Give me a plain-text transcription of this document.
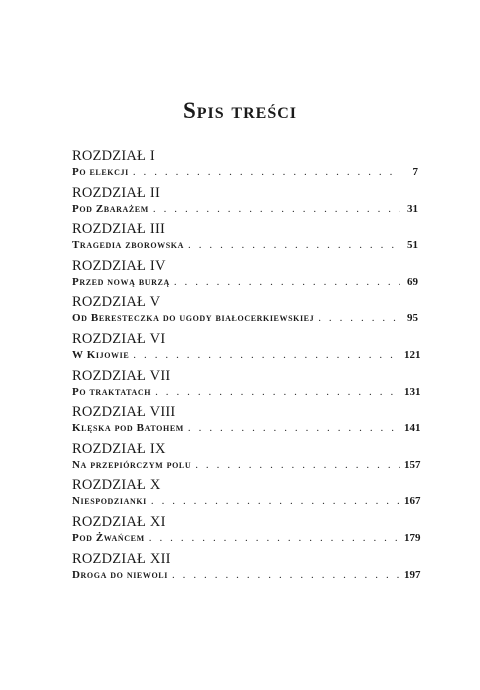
Spis treści
ROZDZIAŁ I
Po elekcji . . .	7
ROZDZIAŁ II
Pod Zbarażem . . .	31
ROZDZIAŁ III
Tragedia zborowska . . .	51
ROZDZIAŁ IV
Przed nową burzą . . .	69
ROZDZIAŁ V
Od Beresteczka do ugody białocerkiewskiej . . .	95
ROZDZIAŁ VI
W Kijowie . . .	121
ROZDZIAŁ VII
Po traktatach . . .	131
ROZDZIAŁ VIII
Klęska pod Batohem . . .	141
ROZDZIAŁ IX
Na przepiórczym polu . . .	157
ROZDZIAŁ X
Niespodzianki . . .	167
ROZDZIAŁ XI
Pod Żwańcem . . .	179
ROZDZIAŁ XII
Droga do niewoli . . .	197
